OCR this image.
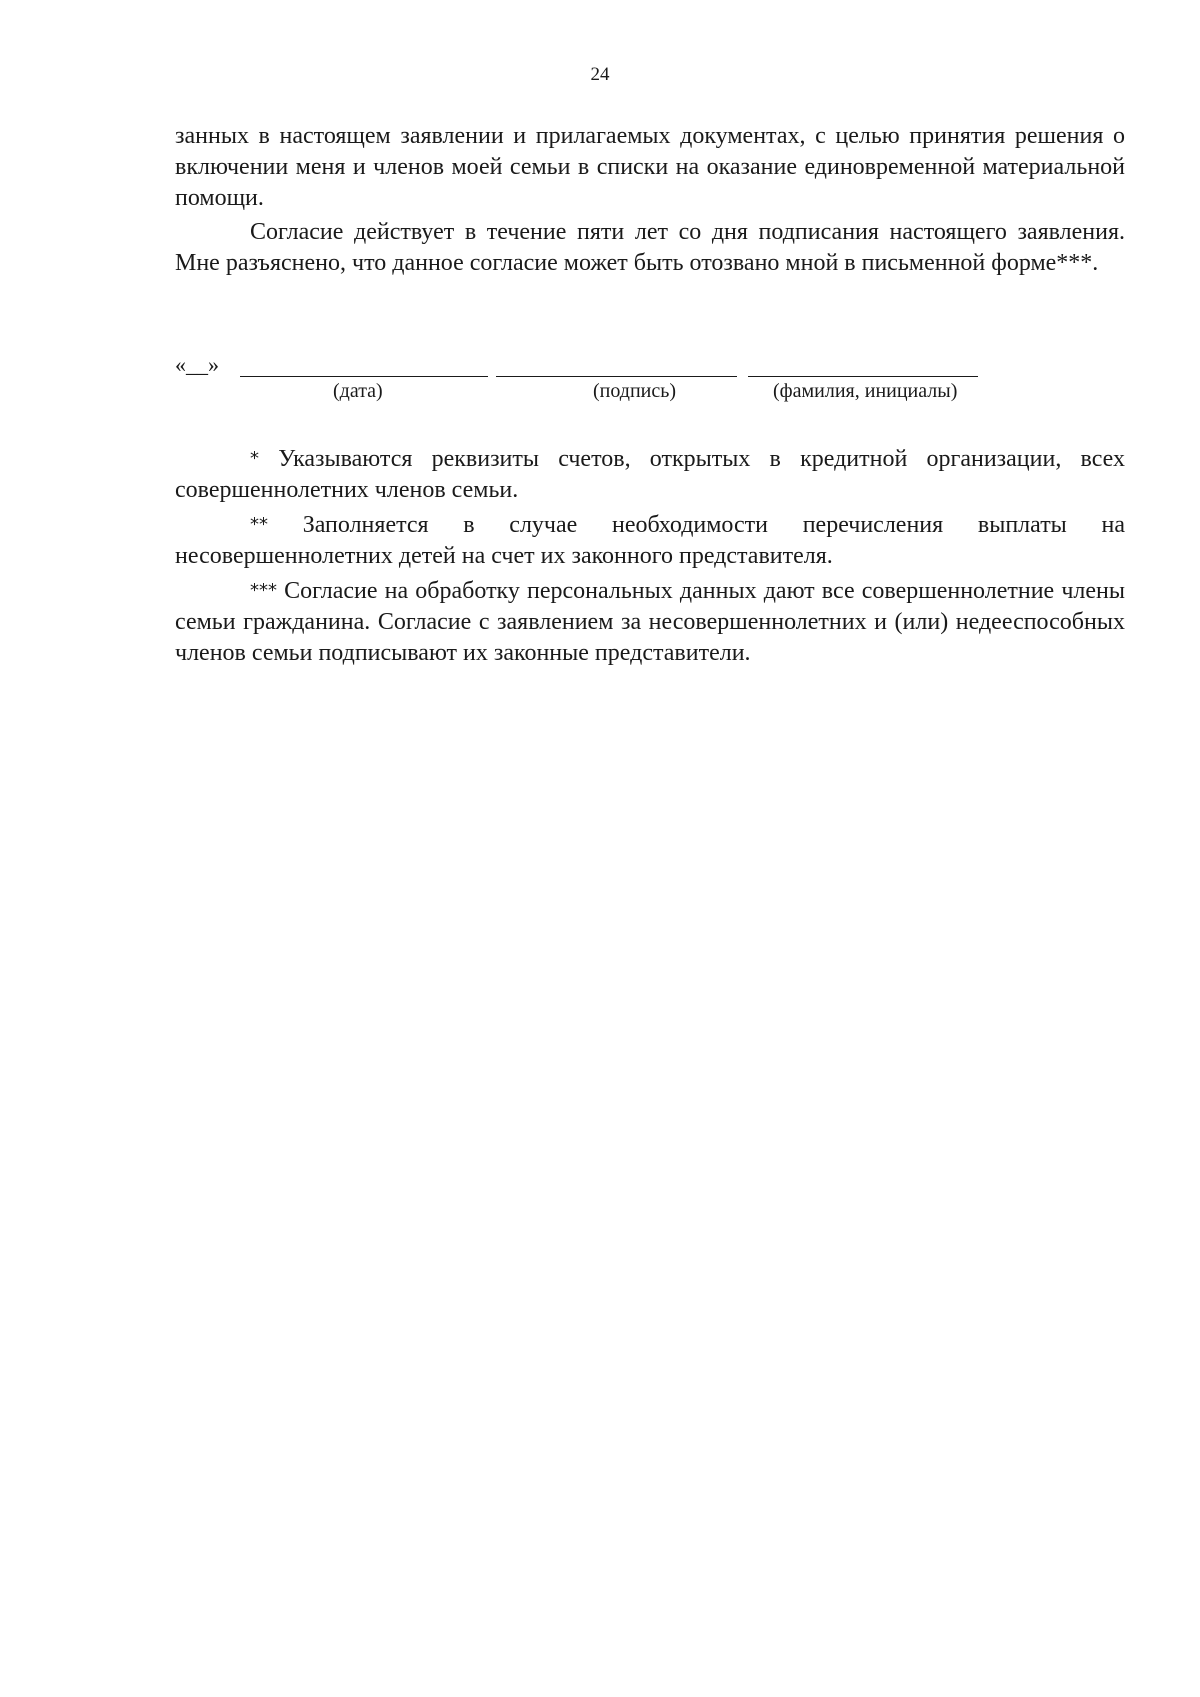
24
занных в настоящем заявлении и прилагаемых документах, с целью принятия решения о включении меня и членов моей семьи в списки на оказание единовременной материальной помощи.
Согласие действует в течение пяти лет со дня подписания настоящего заявления. Мне разъяснено, что данное согласие может быть отозвано мной в письменной форме***.
«__»
(дата)	(подпись)	(фамилия, инициалы)

* Указываются реквизиты счетов, открытых в кредитной организации, всех совершеннолетних членов семьи.

** Заполняется в случае необходимости перечисления выплаты на несовершеннолетних детей на счет их законного представителя.

*** Согласие на обработку персональных данных дают все совершеннолетние члены семьи гражданина. Согласие с заявлением за несовершеннолетних и (или) недееспособных членов семьи подписывают их законные представители.
